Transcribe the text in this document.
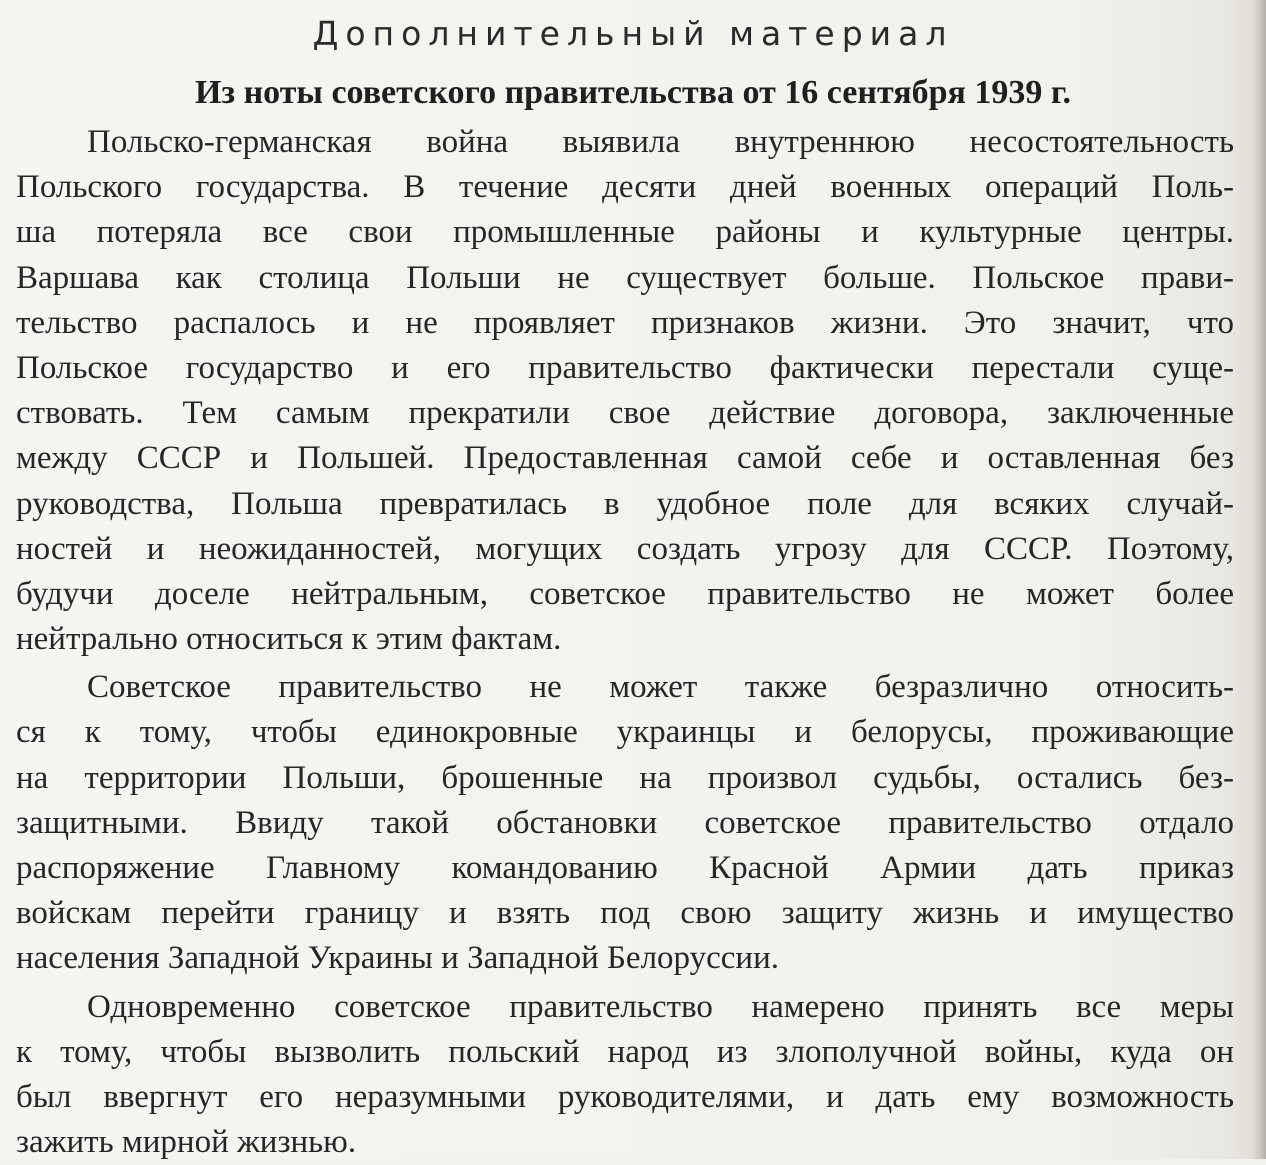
Дополнительный материал
Из ноты советского правительства от 16 сентября 1939 г.
Польско-германская война выявила внутреннюю несостоятельность
Польского государства. В течение десяти дней военных операций Поль-
ша потеряла все свои промышленные районы и культурные центры.
Варшава как столица Польши не существует больше. Польское прави-
тельство распалось и не проявляет признаков жизни. Это значит, что
Польское государство и его правительство фактически перестали суще-
ствовать. Тем самым прекратили свое действие договора, заключенные
между СССР и Польшей. Предоставленная самой себе и оставленная без
руководства, Польша превратилась в удобное поле для всяких случай-
ностей и неожиданностей, могущих создать угрозу для СССР. Поэтому,
будучи доселе нейтральным, советское правительство не может более
нейтрально относиться к этим фактам.
Советское правительство не может также безразлично относить-
ся к тому, чтобы единокровные украинцы и белорусы, проживающие
на территории Польши, брошенные на произвол судьбы, остались без-
защитными. Ввиду такой обстановки советское правительство отдало
распоряжение Главному командованию Красной Армии дать приказ
войскам перейти границу и взять под свою защиту жизнь и имущество
населения Западной Украины и Западной Белоруссии.
Одновременно советское правительство намерено принять все меры
к тому, чтобы вызволить польский народ из злополучной войны, куда он
был ввергнут его неразумными руководителями, и дать ему возможность
зажить мирной жизнью.
